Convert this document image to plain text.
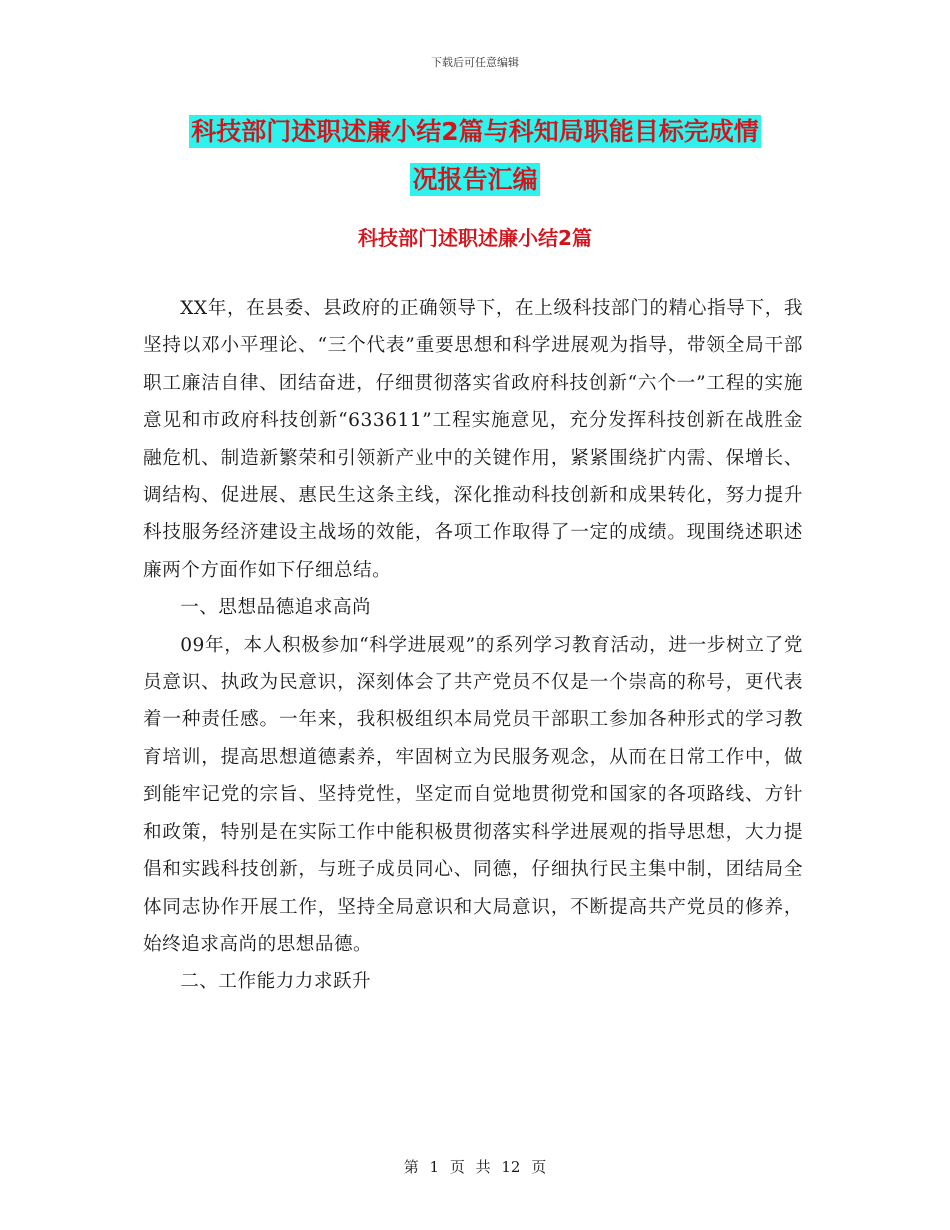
下载后可任意编辑
科技部门述职述廉小结2篇与科知局职能目标完成情
况报告汇编
科技部门述职述廉小结2篇

XX年，在县委、县政府的正确领导下，在上级科技部门的精心指导下，我坚持以邓小平理论、“三个代表”重要思想和科学进展观为指导，带领全局干部职工廉洁自律、团结奋进，仔细贯彻落实省政府科技创新“六个一”工程的实施意见和市政府科技创新“633611”工程实施意见，充分发挥科技创新在战胜金融危机、制造新繁荣和引领新产业中的关键作用，紧紧围绕扩内需、保增长、调结构、促进展、惠民生这条主线，深化推动科技创新和成果转化，努力提升科技服务经济建设主战场的效能，各项工作取得了一定的成绩。现围绕述职述廉两个方面作如下仔细总结。

一、思想品德追求高尚

09年，本人积极参加“科学进展观”的系列学习教育活动，进一步树立了党员意识、执政为民意识，深刻体会了共产党员不仅是一个崇高的称号，更代表着一种责任感。一年来，我积极组织本局党员干部职工参加各种形式的学习教育培训，提高思想道德素养，牢固树立为民服务观念，从而在日常工作中，做到能牢记党的宗旨、坚持党性，坚定而自觉地贯彻党和国家的各项路线、方针和政策，特别是在实际工作中能积极贯彻落实科学进展观的指导思想，大力提倡和实践科技创新，与班子成员同心、同德，仔细执行民主集中制，团结局全体同志协作开展工作，坚持全局意识和大局意识，不断提高共产党员的修养，始终追求高尚的思想品德。

二、工作能力力求跃升

第 1 页 共 12 页
